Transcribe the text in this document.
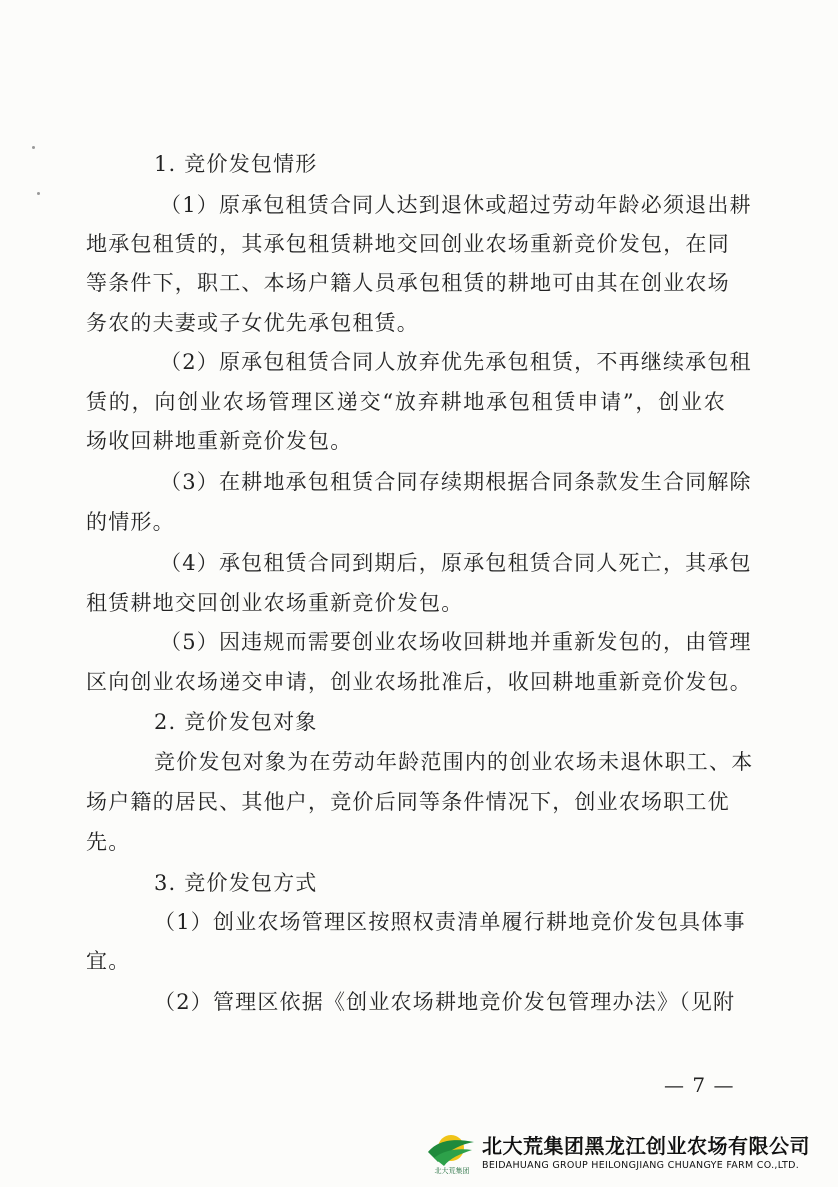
1. 竞价发包情形
（1）原承包租赁合同人达到退休或超过劳动年龄必须退出耕
地承包租赁的，其承包租赁耕地交回创业农场重新竞价发包，在同
等条件下，职工、本场户籍人员承包租赁的耕地可由其在创业农场
务农的夫妻或子女优先承包租赁。
（2）原承包租赁合同人放弃优先承包租赁，不再继续承包租
赁的，向创业农场管理区递交“放弃耕地承包租赁申请”，创业农
场收回耕地重新竞价发包。
（3）在耕地承包租赁合同存续期根据合同条款发生合同解除
的情形。
（4）承包租赁合同到期后，原承包租赁合同人死亡，其承包
租赁耕地交回创业农场重新竞价发包。
（5）因违规而需要创业农场收回耕地并重新发包的，由管理
区向创业农场递交申请，创业农场批准后，收回耕地重新竞价发包。
2. 竞价发包对象
竞价发包对象为在劳动年龄范围内的创业农场未退休职工、本
场户籍的居民、其他户，竞价后同等条件情况下，创业农场职工优
先。
3. 竞价发包方式
（1）创业农场管理区按照权责清单履行耕地竞价发包具体事
宜。
（2）管理区依据《创业农场耕地竞价发包管理办法》（见附
— 7 —
北大荒集团
北大荒集团黑龙江创业农场有限公司
BEIDAHUANG GROUP HEILONGJIANG CHUANGYE FARM CO.,LTD.
